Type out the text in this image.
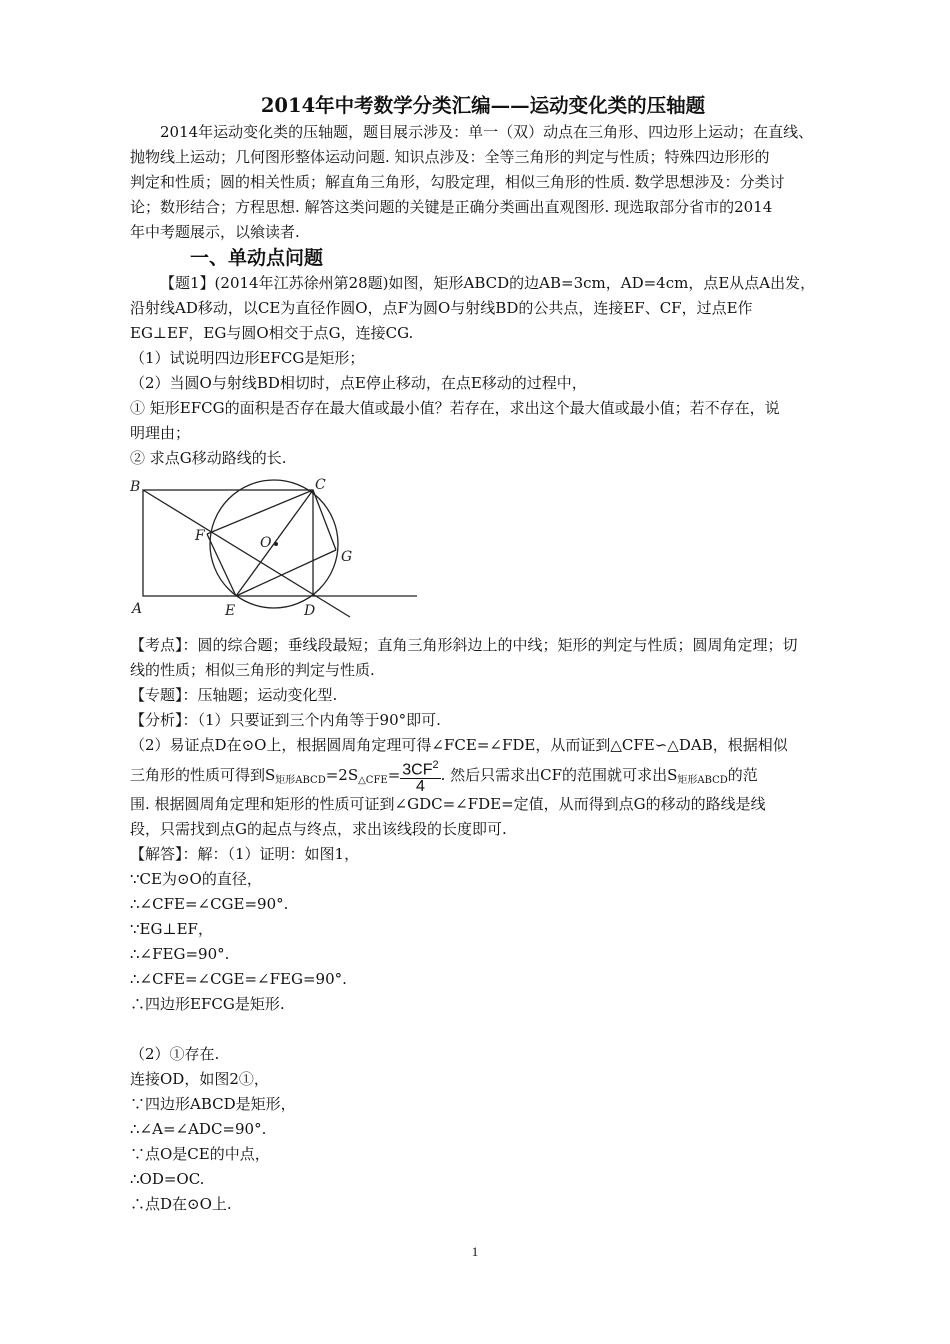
2014年中考数学分类汇编——运动变化类的压轴题
2014年运动变化类的压轴题，题目展示涉及：单一（双）动点在三角形、四边形上运动；在直线、
抛物线上运动；几何图形整体运动问题. 知识点涉及：全等三角形的判定与性质；特殊四边形形的
判定和性质；圆的相关性质；解直角三角形，勾股定理，相似三角形的性质. 数学思想涉及：分类讨
论；数形结合；方程思想. 解答这类问题的关键是正确分类画出直观图形. 现选取部分省市的2014
年中考题展示，以飨读者.
一、单动点问题
【题1】(2014年江苏徐州第28题)如图，矩形ABCD的边AB=3cm，AD=4cm，点E从点A出发，
沿射线AD移动，以CE为直径作圆O，点F为圆O与射线BD的公共点，连接EF、CF，过点E作
EG⊥EF，EG与圆O相交于点G，连接CG.
（1）试说明四边形EFCG是矩形；
（2）当圆O与射线BD相切时，点E停止移动，在点E移动的过程中，
① 矩形EFCG的面积是否存在最大值或最小值？若存在，求出这个最大值或最小值；若不存在，说
明理由；
② 求点G移动路线的长.
B	C
F	O
G
A	E	D
【考点】：圆的综合题；垂线段最短；直角三角形斜边上的中线；矩形的判定与性质；圆周角定理；切
线的性质；相似三角形的判定与性质.
【专题】：压轴题；运动变化型.
【分析】：（1）只要证到三个内角等于90°即可.
（2）易证点D在⊙O上，根据圆周角定理可得∠FCE=∠FDE，从而证到△CFE∽△DAB，根据相似
三角形的性质可得到$S_{矩形ABCD}=2S_{\triangle CFE}= \frac{3CF^2}{4}$ . 然后只需求出CF的范围就可求出$S_{矩形ABCD}$的范
围. 根据圆周角定理和矩形的性质可证到∠GDC=∠FDE=定值，从而得到点G的移动的路线是线
段，只需找到点G的起点与终点，求出该线段的长度即可.
【解答】：解：（1）证明：如图1，
∵CE为⊙O的直径，
∴∠CFE=∠CGE=90°.
∵EG⊥EF，
∴∠FEG=90°.
∴∠CFE=∠CGE=∠FEG=90°.
∴四边形EFCG是矩形.
（2）①存在.
连接OD，如图2①，
∵四边形ABCD是矩形，
∴∠A=∠ADC=90°.
∵点O是CE的中点，
∴OD=OC.
∴点D在⊙O上.
1
